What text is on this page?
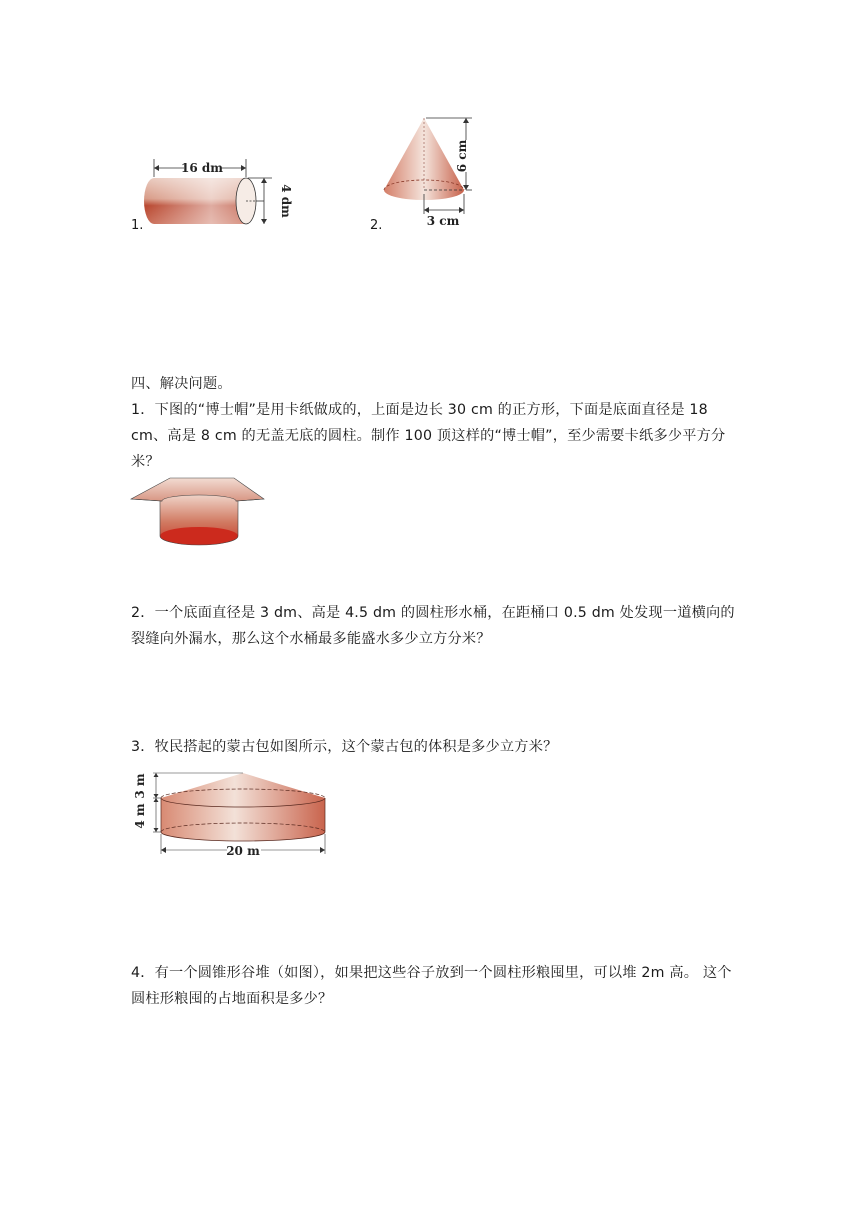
1.
16 dm
4 dm
2.
6 cm
3 cm
四、解决问题。
1．下图的“博士帽”是用卡纸做成的，上面是边长 30 cm 的正方形，下面是底面直径是 18 cm、高是 8 cm 的无盖无底的圆柱。制作 100 顶这样的“博士帽”，至少需要卡纸多少平方分米？
2．一个底面直径是 3 dm、高是 4.5 dm 的圆柱形水桶，在距桶口 0.5 dm 处发现一道横向的裂缝向外漏水，那么这个水桶最多能盛水多少立方分米？
3．牧民搭起的蒙古包如图所示，这个蒙古包的体积是多少立方米？
3 m
4 m
20 m
4．有一个圆锥形谷堆（如图），如果把这些谷子放到一个圆柱形粮囤里，可以堆 2m 高。 这个圆柱形粮囤的占地面积是多少？
